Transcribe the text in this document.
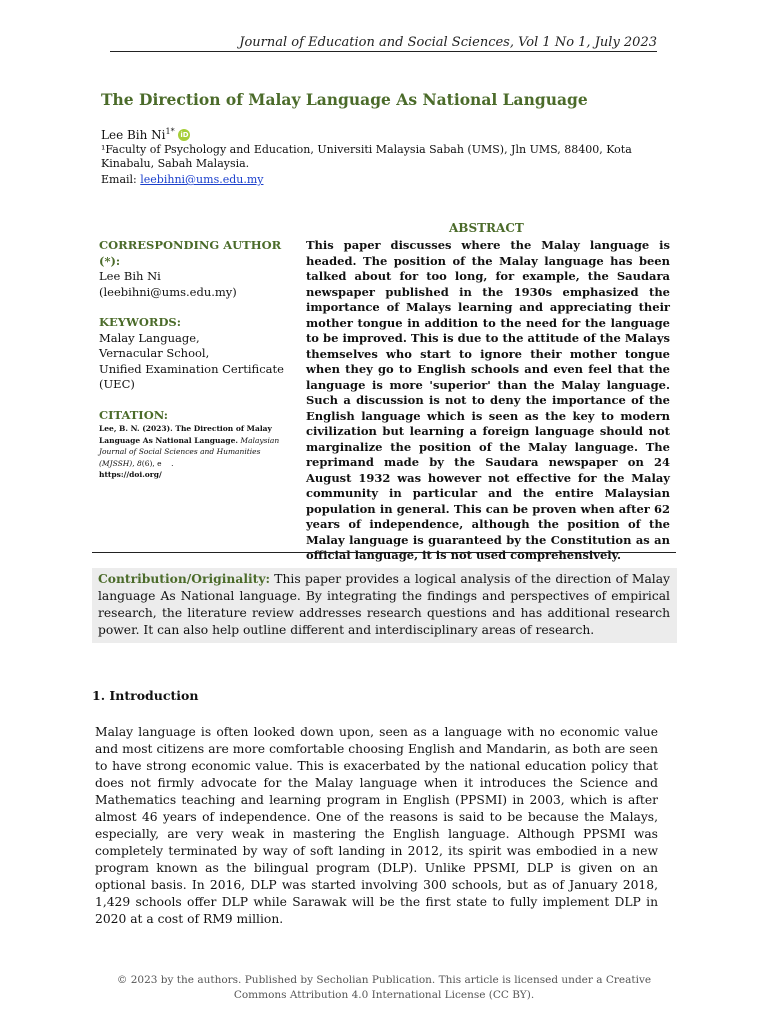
Journal of Education and Social Sciences, Vol 1 No 1, July 2023
The Direction of Malay Language As National Language
Lee Bih $Ni^{1*}$ iD
¹Faculty of Psychology and Education, Universiti Malaysia Sabah (UMS), Jln UMS, 88400, Kota Kinabalu, Sabah Malaysia.
Email: leebihni@ums.edu.my
ABSTRACT
CORRESPONDING AUTHOR (*):
Lee Bih Ni
(leebihni@ums.edu.my)
KEYWORDS:
Malay Language,
Vernacular School,
Unified Examination Certificate (UEC)
CITATION:
Lee, B. N. (2023). The Direction of Malay Language As National Language. Malaysian Journal of Social Sciences and Humanities (MJSSH), 8(6), e .
https://doi.org/
This paper discusses where the Malay language is headed. The position of the Malay language has been talked about for too long, for example, the Saudara newspaper published in the 1930s emphasized the importance of Malays learning and appreciating their mother tongue in addition to the need for the language to be improved. This is due to the attitude of the Malays themselves who start to ignore their mother tongue when they go to English schools and even feel that the language is more 'superior' than the Malay language. Such a discussion is not to deny the importance of the English language which is seen as the key to modern civilization but learning a foreign language should not marginalize the position of the Malay language. The reprimand made by the Saudara newspaper on 24 August 1932 was however not effective for the Malay community in particular and the entire Malaysian population in general. This can be proven when after 62 years of independence, although the position of the Malay language is guaranteed by the Constitution as an official language, it is not used comprehensively.
Contribution/Originality: This paper provides a logical analysis of the direction of Malay language As National language. By integrating the findings and perspectives of empirical research, the literature review addresses research questions and has additional research power. It can also help outline different and interdisciplinary areas of research.
1. Introduction
Malay language is often looked down upon, seen as a language with no economic value and most citizens are more comfortable choosing English and Mandarin, as both are seen to have strong economic value. This is exacerbated by the national education policy that does not firmly advocate for the Malay language when it introduces the Science and Mathematics teaching and learning program in English (PPSMI) in 2003, which is after almost 46 years of independence. One of the reasons is said to be because the Malays, especially, are very weak in mastering the English language. Although PPSMI was completely terminated by way of soft landing in 2012, its spirit was embodied in a new program known as the bilingual program (DLP). Unlike PPSMI, DLP is given on an optional basis. In 2016, DLP was started involving 300 schools, but as of January 2018, 1,429 schools offer DLP while Sarawak will be the first state to fully implement DLP in 2020 at a cost of RM9 million.
© 2023 by the authors. Published by Secholian Publication. This article is licensed under a Creative Commons Attribution 4.0 International License (CC BY).
